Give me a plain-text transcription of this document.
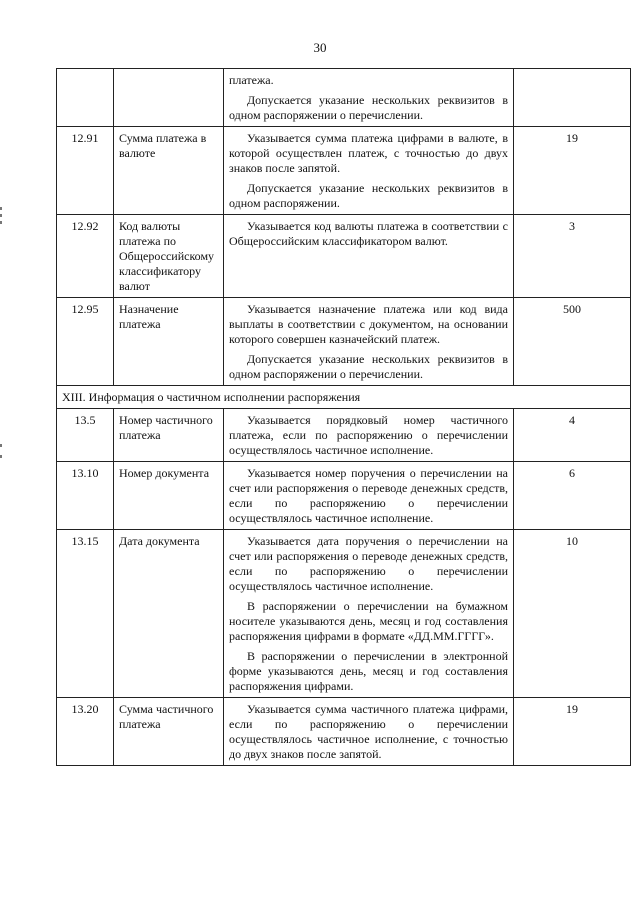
30

		платежа.

Допускается указание нескольких реквизитов в одном распоряжении о перечислении.	

12.91	Сумма платежа в валюте	Указывается сумма платежа цифрами в валюте, в которой осуществлен платеж, с точностью до двух знаков после запятой.

Допускается указание нескольких реквизитов в одном распоряжении.	19
12.92	Код валюты платежа по Общероссийскому классификатору валют	Указывается код валюты платежа в соответствии с Общероссийским классификатором валют.	3
12.95	Назначение платежа	Указывается назначение платежа или код вида выплаты в соответствии с документом, на основании которого совершен казначейский платеж.

Допускается указание нескольких реквизитов в одном распоряжении о перечислении.	500
XIII. Информация о частичном исполнении распоряжения			
13.5	Номер частичного платежа	Указывается порядковый номер частичного платежа, если по распоряжению о перечислении осуществлялось частичное исполнение.	4
13.10	Номер документа	Указывается номер поручения о перечислении на счет или распоряжения о переводе денежных средств, если по распоряжению о перечислении осуществлялось частичное исполнение.	6
13.15	Дата документа	Указывается дата поручения о перечислении на счет или распоряжения о переводе денежных средств, если по распоряжению о перечислении осуществлялось частичное исполнение.

В распоряжении о перечислении на бумажном носителе указываются день, месяц и год составления распоряжения цифрами в формате «ДД.ММ.ГГГГ».

В распоряжении о перечислении в электронной форме указываются день, месяц и год составления распоряжения цифрами.	10
13.20	Сумма частичного платежа	Указывается сумма частичного платежа цифрами, если по распоряжению о перечислении осуществлялось частичное исполнение, с точностью до двух знаков после запятой.	19
